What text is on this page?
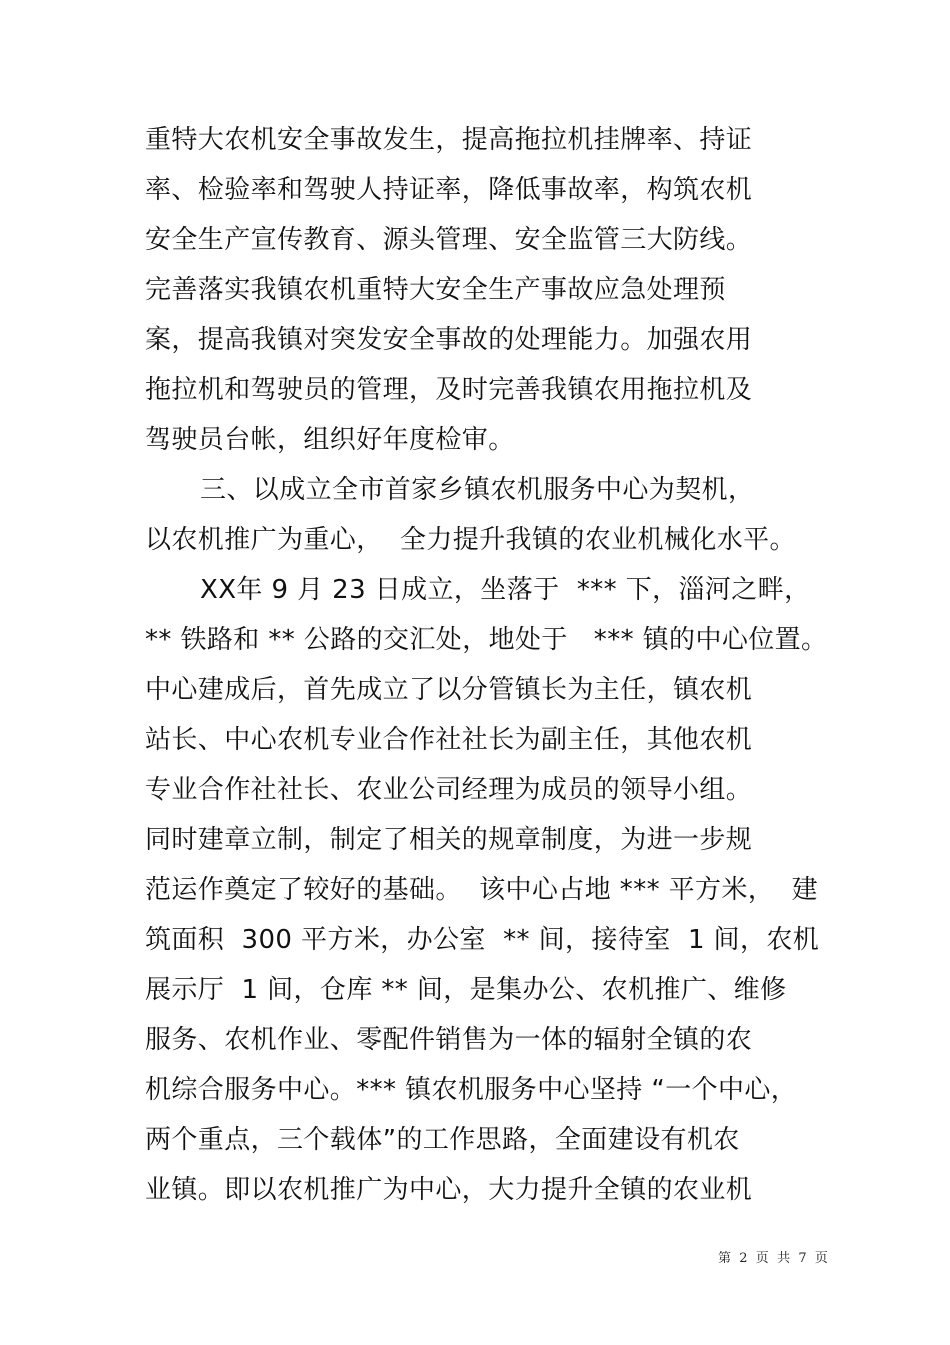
重特大农机安全事故发生，提高拖拉机挂牌率、持证
率、检验率和驾驶人持证率，降低事故率，构筑农机
安全生产宣传教育、源头管理、安全监管三大防线。
完善落实我镇农机重特大安全生产事故应急处理预
案，提高我镇对突发安全事故的处理能力。加强农用
拖拉机和驾驶员的管理，及时完善我镇农用拖拉机及
驾驶员台帐，组织好年度检审。
三、以成立全市首家乡镇农机服务中心为契机，
以农机推广为重心，  全力提升我镇的农业机械化水平。
XX年 9 月 23 日成立，坐落于  *** 下，淄河之畔，
** 铁路和 ** 公路的交汇处，地处于   *** 镇的中心位置。
中心建成后，首先成立了以分管镇长为主任，镇农机
站长、中心农机专业合作社社长为副主任，其他农机
专业合作社社长、农业公司经理为成员的领导小组。
同时建章立制，制定了相关的规章制度，为进一步规
范运作奠定了较好的基础。  该中心占地 *** 平方米，  建
筑面积  300 平方米，办公室  ** 间，接待室  1 间，农机
展示厅  1 间，仓库 ** 间，是集办公、农机推广、维修
服务、农机作业、零配件销售为一体的辐射全镇的农
机综合服务中心。*** 镇农机服务中心坚持 “一个中心，
两个重点，三个载体”的工作思路，全面建设有机农
业镇。即以农机推广为中心，大力提升全镇的农业机
第  2  页  共  7  页
